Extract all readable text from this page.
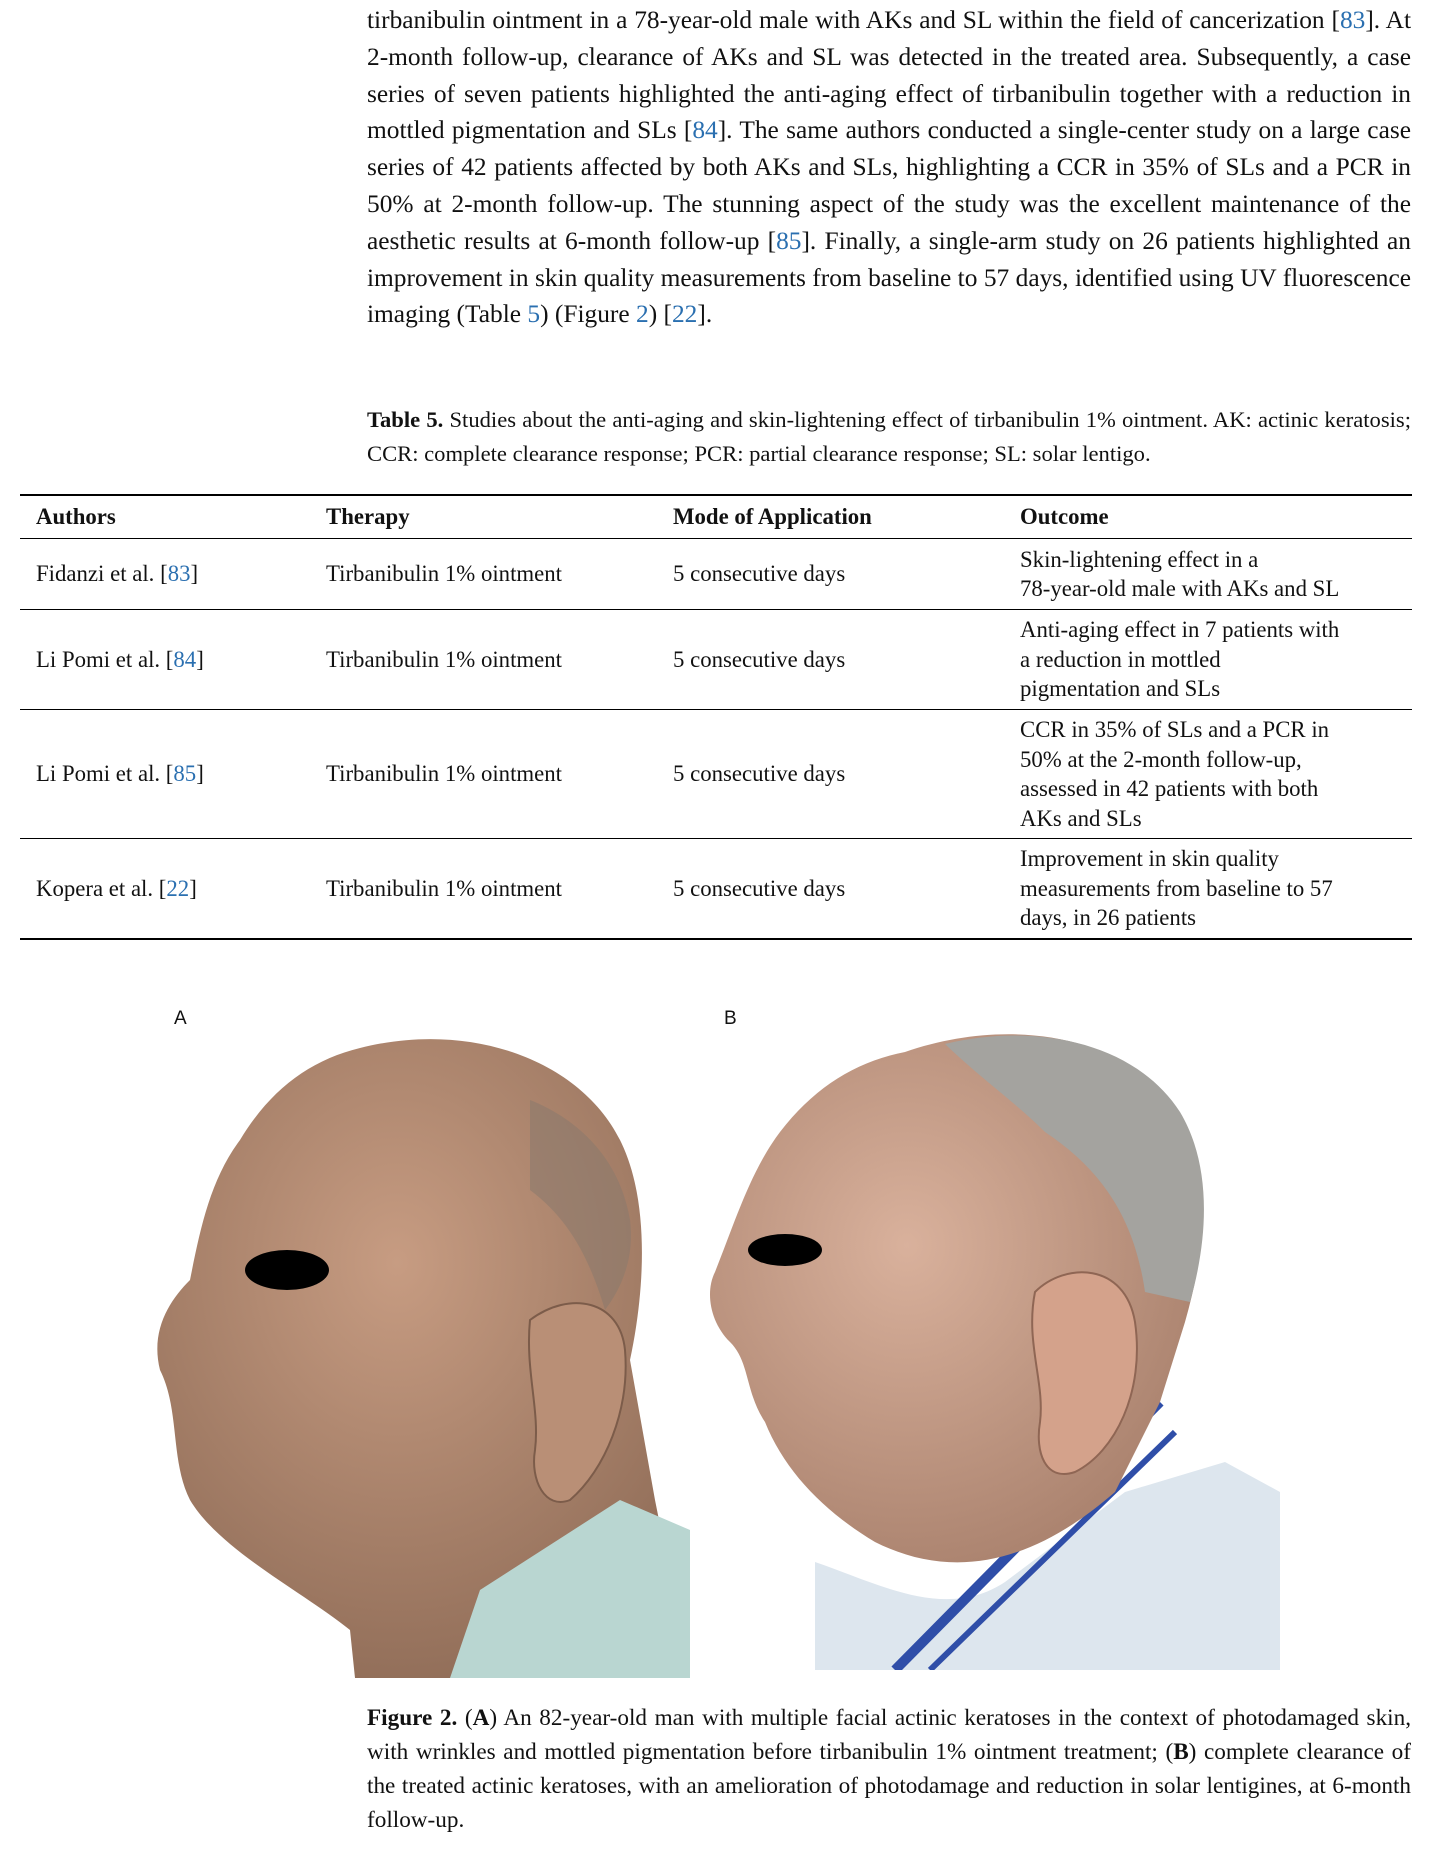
tirbanibulin ointment in a 78-year-old male with AKs and SL within the field of cancerization [83]. At 2-month follow-up, clearance of AKs and SL was detected in the treated area. Subsequently, a case series of seven patients highlighted the anti-aging effect of tirbanibulin together with a reduction in mottled pigmentation and SLs [84]. The same authors conducted a single-center study on a large case series of 42 patients affected by both AKs and SLs, highlighting a CCR in 35% of SLs and a PCR in 50% at 2-month follow-up. The stunning aspect of the study was the excellent maintenance of the aesthetic results at 6-month follow-up [85]. Finally, a single-arm study on 26 patients highlighted an improvement in skin quality measurements from baseline to 57 days, identified using UV fluorescence imaging (Table 5) (Figure 2) [22].
Table 5. Studies about the anti-aging and skin-lightening effect of tirbanibulin 1% ointment. AK: actinic keratosis; CCR: complete clearance response; PCR: partial clearance response; SL: solar lentigo.
Authors	Therapy	Mode of Application	Outcome
Fidanzi et al. [83]	Tirbanibulin 1% ointment	5 consecutive days	Skin-lightening effect in a
78-year-old male with AKs and SL

Li Pomi et al. [84]	Tirbanibulin 1% ointment	5 consecutive days	Anti-aging effect in 7 patients with
a reduction in mottled
pigmentation and SLs

Li Pomi et al. [85]	Tirbanibulin 1% ointment	5 consecutive days	CCR in 35% of SLs and a PCR in
50% at the 2-month follow-up,
assessed in 42 patients with both
AKs and SLs

Kopera et al. [22]	Tirbanibulin 1% ointment	5 consecutive days	Improvement in skin quality
measurements from baseline to 57
days, in 26 patients
A	B
Figure 2. (A) An 82-year-old man with multiple facial actinic keratoses in the context of photodamaged skin, with wrinkles and mottled pigmentation before tirbanibulin 1% ointment treatment; (B) complete clearance of the treated actinic keratoses, with an amelioration of photodamage and reduction in solar lentigines, at 6-month follow-up.
